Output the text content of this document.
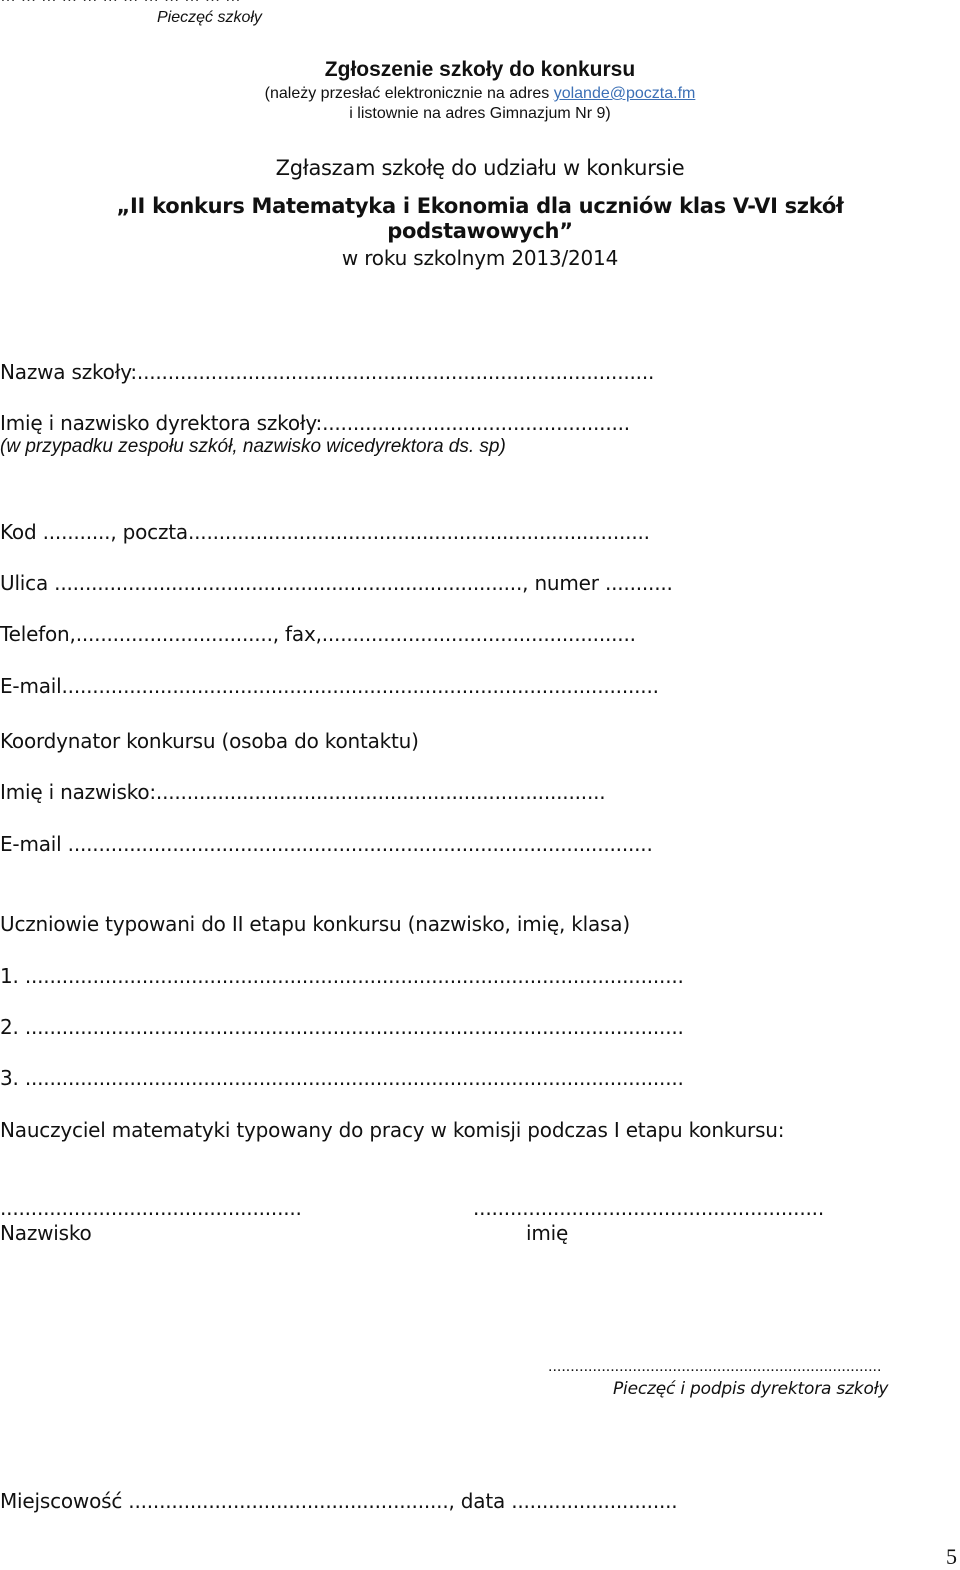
Pieczęć szkoły
Zgłoszenie szkoły do konkursu
(należy przesłać elektronicznie na adres yolande@poczta.fm
i listownie na adres Gimnazjum Nr 9)
Zgłaszam szkołę do udziału w konkursie
„II konkurs Matematyka i Ekonomia dla uczniów klas V-VI szkół
podstawowych”
w roku szkolnym 2013/2014
Nazwa szkoły:....................................................................................
Imię i nazwisko dyrektora szkoły:..................................................
(w przypadku zespołu szkół, nazwisko wicedyrektora ds. sp)
Kod ..........., poczta...........................................................................
Ulica ............................................................................, numer ...........
Telefon,................................, fax,...................................................
E-mail.................................................................................................
Koordynator konkursu (osoba do kontaktu)
Imię i nazwisko:.........................................................................
E-mail ...............................................................................................
Uczniowie typowani do II etapu konkursu (nazwisko, imię, klasa)
1. ...........................................................................................................
2. ...........................................................................................................
3. ...........................................................................................................
Nauczyciel matematyki typowany do pracy w komisji podczas I etapu konkursu:
.................................................	.........................................................
Nazwisko	imię
...........................................................................
Pieczęć i podpis dyrektora szkoły
Miejscowość ...................................................., data ...........................
5
